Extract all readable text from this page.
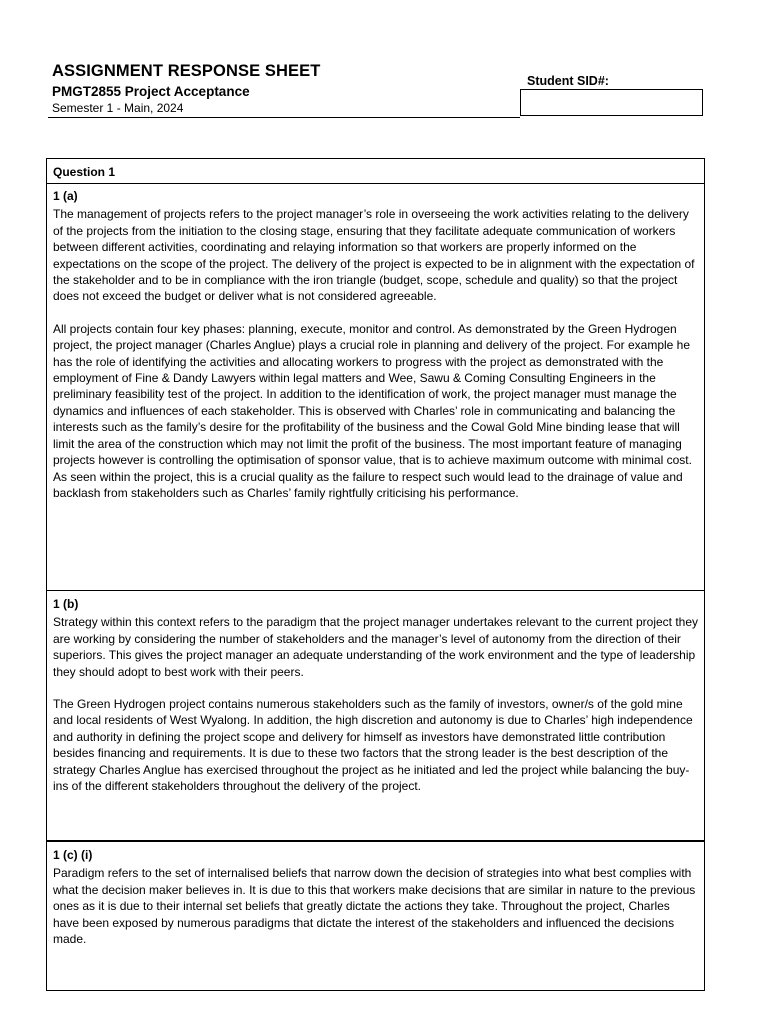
ASSIGNMENT RESPONSE SHEET
PMGT2855 Project Acceptance
Semester 1 - Main, 2024
Student SID#:
Question 1
1 (a)

The management of projects refers to the project manager’s role in overseeing the work activities relating to the delivery of the projects from the initiation to the closing stage, ensuring that they facilitate adequate communication of workers between different activities, coordinating and relaying information so that workers are properly informed on the expectations on the scope of the project. The delivery of the project is expected to be in alignment with the expectation of the stakeholder and to be in compliance with the iron triangle (budget, scope, schedule and quality) so that the project does not exceed the budget or deliver what is not considered agreeable.

All projects contain four key phases: planning, execute, monitor and control. As demonstrated by the Green Hydrogen project, the project manager (Charles Anglue) plays a crucial role in planning and delivery of the project. For example he has the role of identifying the activities and allocating workers to progress with the project as demonstrated with the employment of Fine & Dandy Lawyers within legal matters and Wee, Sawu & Coming Consulting Engineers in the preliminary feasibility test of the project. In addition to the identification of work, the project manager must manage the dynamics and influences of each stakeholder. This is observed with Charles’ role in communicating and balancing the interests such as the family’s desire for the profitability of the business and the Cowal Gold Mine binding lease that will limit the area of the construction which may not limit the profit of the business. The most important feature of managing projects however is controlling the optimisation of sponsor value, that is to achieve maximum outcome with minimal cost. As seen within the project, this is a crucial quality as the failure to respect such would lead to the drainage of value and backlash from stakeholders such as Charles’ family rightfully criticising his performance.

1 (b)

Strategy within this context refers to the paradigm that the project manager undertakes relevant to the current project they are working by considering the number of stakeholders and the manager’s level of autonomy from the direction of their superiors. This gives the project manager an adequate understanding of the work environment and the type of leadership they should adopt to best work with their peers.

The Green Hydrogen project contains numerous stakeholders such as the family of investors, owner/s of the gold mine and local residents of West Wyalong. In addition, the high discretion and autonomy is due to Charles’ high independence and authority in defining the project scope and delivery for himself as investors have demonstrated little contribution besides financing and requirements. It is due to these two factors that the strong leader is the best description of the strategy Charles Anglue has exercised throughout the project as he initiated and led the project while balancing the buy-ins of the different stakeholders throughout the delivery of the project.

1 (c) (i)

Paradigm refers to the set of internalised beliefs that narrow down the decision of strategies into what best complies with what the decision maker believes in. It is due to this that workers make decisions that are similar in nature to the previous ones as it is due to their internal set beliefs that greatly dictate the actions they take. Throughout the project, Charles have been exposed by numerous paradigms that dictate the interest of the stakeholders and influenced the decisions made.
